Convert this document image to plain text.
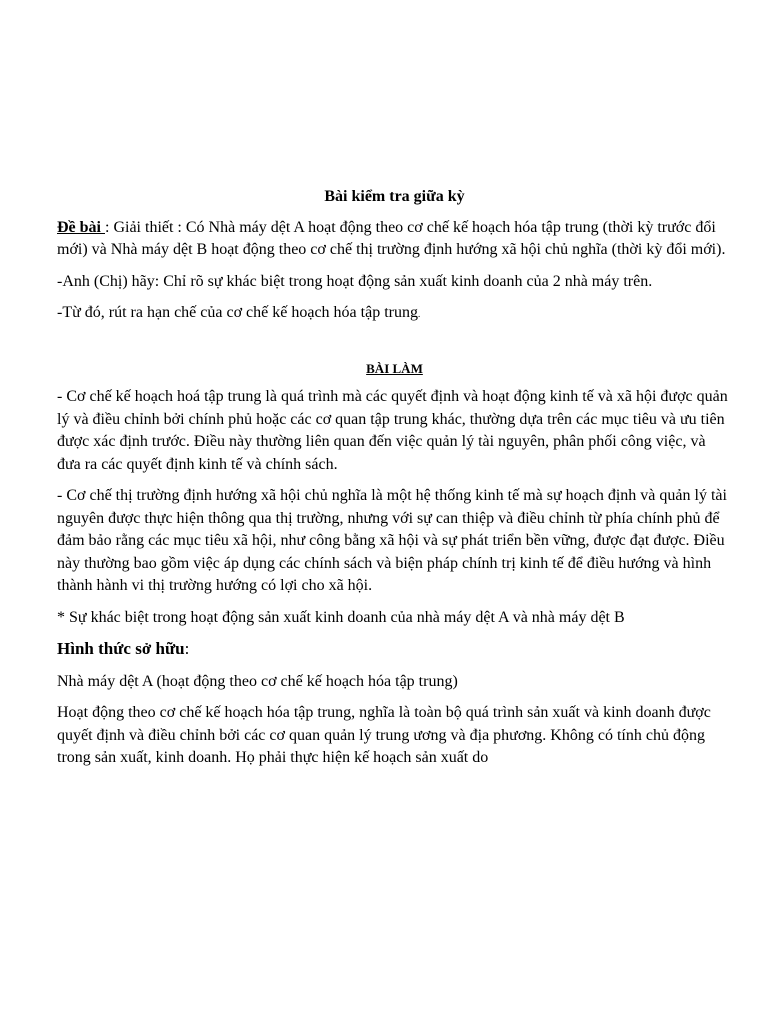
Bài kiểm tra giữa kỳ

Đề bài : Giải thiết : Có Nhà máy dệt A hoạt động theo cơ chế kế hoạch hóa tập trung (thời kỳ trước đổi mới) và Nhà máy dệt B hoạt động theo cơ chế thị trường định hướng xã hội chủ nghĩa (thời kỳ đổi mới).

-Anh (Chị) hãy: Chỉ rõ sự khác biệt trong hoạt động sản xuất kinh doanh của 2 nhà máy trên.

-Từ đó, rút ra hạn chế của cơ chế kế hoạch hóa tập trung.

BÀI LÀM

- Cơ chế kế hoạch hoá tập trung là quá trình mà các quyết định và hoạt động kinh tế và xã hội được quản lý và điều chỉnh bởi chính phủ hoặc các cơ quan tập trung khác, thường dựa trên các mục tiêu và ưu tiên được xác định trước. Điều này thường liên quan đến việc quản lý tài nguyên, phân phối công việc, và đưa ra các quyết định kinh tế và chính sách.

- Cơ chế thị trường định hướng xã hội chủ nghĩa là một hệ thống kinh tế mà sự hoạch định và quản lý tài nguyên được thực hiện thông qua thị trường, nhưng với sự can thiệp và điều chỉnh từ phía chính phủ để đảm bảo rằng các mục tiêu xã hội, như công bằng xã hội và sự phát triển bền vững, được đạt được. Điều này thường bao gồm việc áp dụng các chính sách và biện pháp chính trị kinh tế để điều hướng và hình thành hành vi thị trường hướng có lợi cho xã hội.

* Sự khác biệt trong hoạt động sản xuất kinh doanh của nhà máy dệt A và nhà máy dệt B

Hình thức sở hữu:

Nhà máy dệt A (hoạt động theo cơ chế kế hoạch hóa tập trung)

Hoạt động theo cơ chế kế hoạch hóa tập trung, nghĩa là toàn bộ quá trình sản xuất và kinh doanh được quyết định và điều chỉnh bởi các cơ quan quản lý trung ương và địa phương. Không có tính chủ động trong sản xuất, kinh doanh. Họ phải thực hiện kế hoạch sản xuất do
